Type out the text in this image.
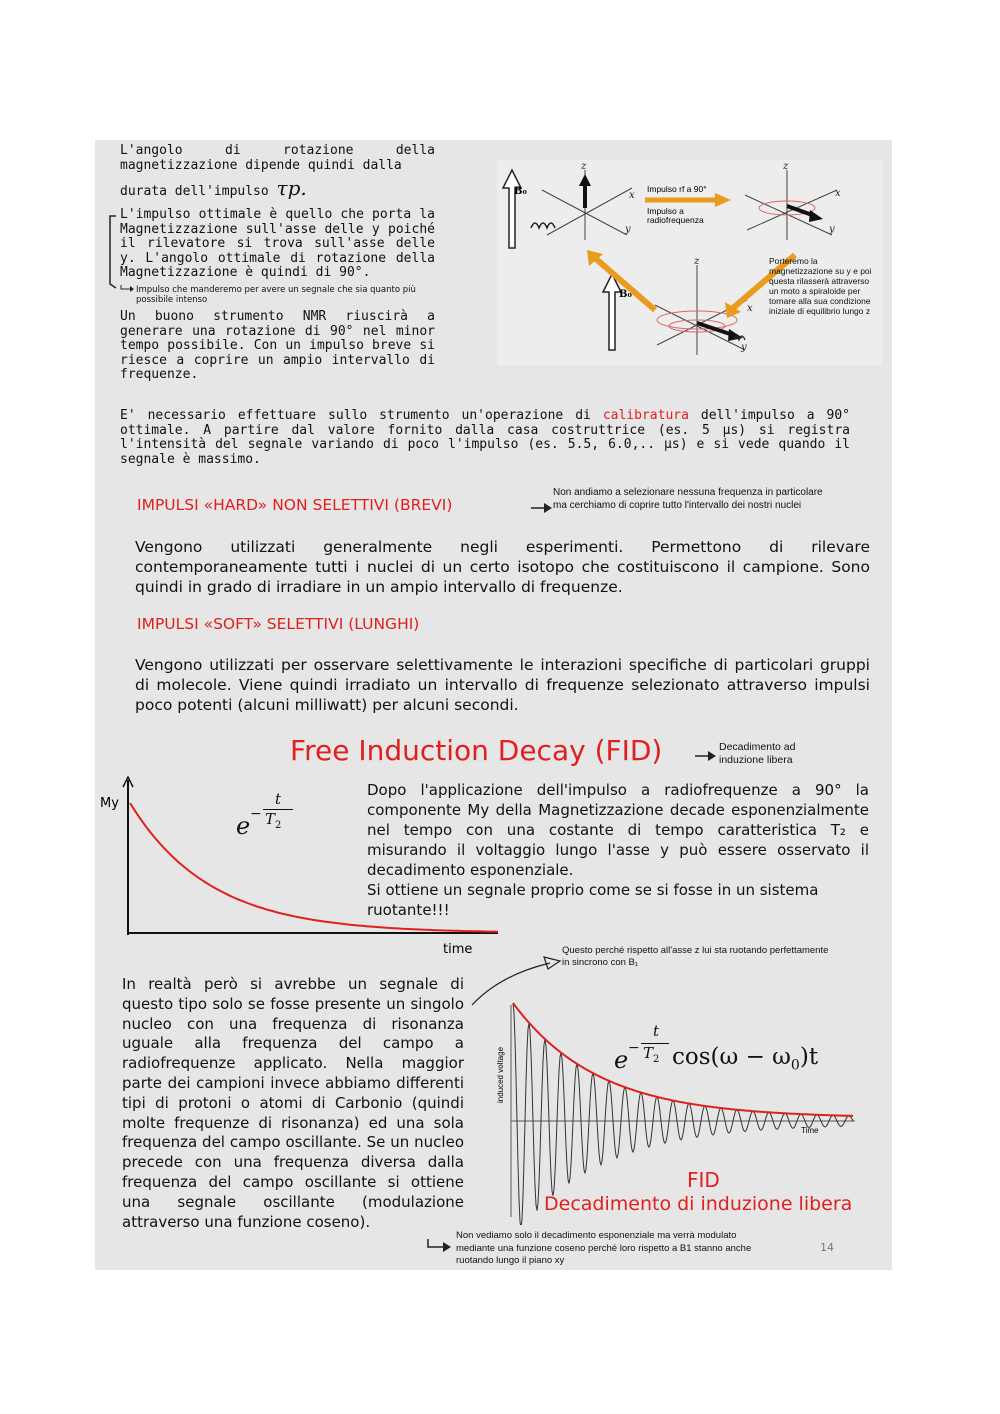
L'angolo di rotazione della magnetizzazione dipende quindi dalla
durata dell'impulso τp.
L'impulso ottimale è quello che porta la Magnetizzazione sull'asse delle y poiché il rilevatore si trova sull'asse delle y. L'angolo ottimale di rotazione della Magnetizzazione è quindi di 90°.
Impulso che manderemo per avere un segnale che sia quanto più possibile intenso
Un buono strumento NMR riuscirà a generare una rotazione di 90° nel minor tempo possibile. Con un impulso breve si riesce a coprire un ampio intervallo di frequenze.
B₀
B₀
z
x
y
z
x
y
z
x
y
Impulso rf a 90°
Impulso a
radiofrequenza
Porteremo la magnetizzazione su y e poi questa rilasserà attraverso un moto a spiraloide per tornare alla sua condizione iniziale di equilibrio lungo z
E' necessario effettuare sullo strumento un'operazione di calibratura dell'impulso a 90° ottimale. A partire dal valore fornito dalla casa costruttrice (es. 5 μs) si registra l'intensità del segnale variando di poco l'impulso (es. 5.5, 6.0,.. μs) e si vede quando il segnale è massimo.
IMPULSI «HARD» NON SELETTIVI (BREVI)
Non andiamo a selezionare nessuna frequenza in particolare ma cerchiamo di coprire tutto l'intervallo dei nostri nuclei
Vengono utilizzati generalmente negli esperimenti. Permettono di rilevare contemporaneamente tutti i nuclei di un certo isotopo che costituiscono il campione. Sono quindi in grado di irradiare in un ampio intervallo di frequenze.
IMPULSI «SOFT» SELETTIVI (LUNGHI)
Vengono utilizzati per osservare selettivamente le interazioni specifiche di particolari gruppi di molecole. Viene quindi irradiato un intervallo di frequenze selezionato attraverso impulsi poco potenti (alcuni milliwatt) per alcuni secondi.
Free Induction Decay (FID)	Decadimento ad induzione libera
My
time
e −
t
$T_2$
Dopo l'applicazione dell'impulso a radiofrequenze a 90° la componente My della Magnetizzazione decade esponenzialmente nel tempo con una costante di tempo caratteristica T₂ e misurando il voltaggio lungo l'asse y può essere osservato il decadimento esponenziale.
Si ottiene un segnale proprio come se si fosse in un sistema ruotante!!!
Questo perché rispetto all'asse z lui sta ruotando perfettamente in sincrono con B₁
In realtà però si avrebbe un segnale di questo tipo solo se fosse presente un singolo nucleo con una frequenza di risonanza uguale alla frequenza del campo a radiofrequenze applicato. Nella maggior parte dei campioni invece abbiamo differenti tipi di protoni o atomi di Carbonio (quindi molte frequenze di risonanza) ed una sola frequenza del campo oscillante. Se un nucleo precede con una frequenza diversa dalla frequenza del campo oscillante si ottiene una segnale oscillante (modulazione attraverso una funzione coseno).
induced voltage
Time
e −
t
$T_2$ $\cos(\omega - \omega_0)t$
FID
Decadimento di induzione libera
Non vediamo solo il decadimento esponenziale ma verrà modulato mediante una funzione coseno perché loro rispetto a B1 stanno anche ruotando lungo il piano xy
14
